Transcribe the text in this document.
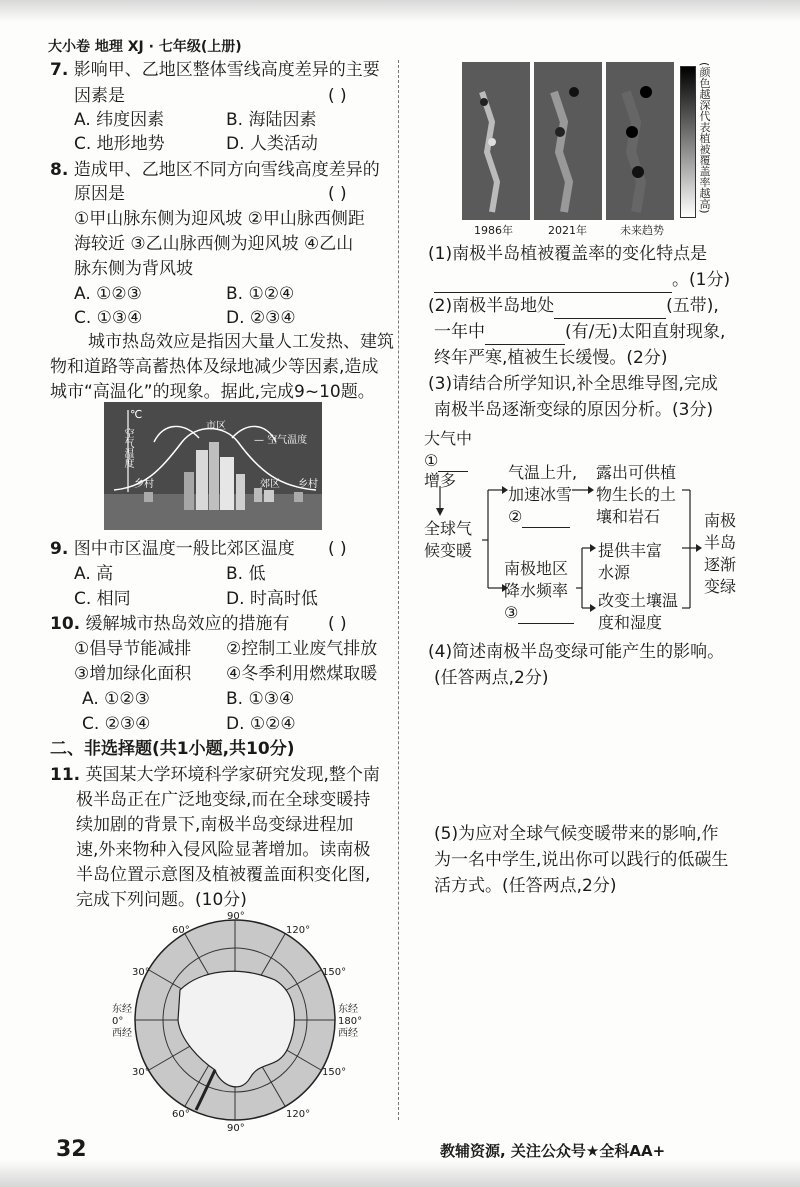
大小卷 地理 XJ · 七年级(上册)
7. 影响甲、乙地区整体雪线高度差异的主要
因素是	( )
A. 纬度因素	B. 海陆因素
C. 地形地势	D. 人类活动
8. 造成甲、乙地区不同方向雪线高度差异的
原因是	( )
①甲山脉东侧为迎风坡 ②甲山脉西侧距
海较近 ③乙山脉西侧为迎风坡 ④乙山
脉东侧为背风坡
A. ①②③	B. ①②④
C. ①③④	D. ②③④
城市热岛效应是指因大量人工发热、建筑
物和道路等高蓄热体及绿地减少等因素,造成
城市“高温化”的现象。据此,完成9~10题。
℃
空气温度
市区
— 空气温度
乡村	郊区 乡村
9. 图中市区温度一般比郊区温度 ( )
A. 高	B. 低
C. 相同	D. 时高时低
10. 缓解城市热岛效应的措施有 ( )
①倡导节能减排 ②控制工业废气排放
③增加绿化面积 ④冬季利用燃煤取暖
A. ①②③	B. ①③④
C. ②③④	D. ①②④
二、非选择题(共1小题,共10分)
11. 英国某大学环境科学家研究发现,整个南
极半岛正在广泛地变绿,而在全球变暖持
续加剧的背景下,南极半岛变绿进程加
速,外来物种入侵风险显著增加。读南极
半岛位置示意图及植被覆盖面积变化图,
完成下列问题。(10分)
90°
60°	120°
30°	150°
东经
0°
西经
东经
180°
西经
30°	150°
60°	120°
90°
(颜色越深代表植被覆盖率越高)
1986年	2021年	未来趋势
(1)南极半岛植被覆盖率的变化特点是
。(1分)
(2)南极半岛地处	(五带),
一年中	(有/无)太阳直射现象,
终年严寒,植被生长缓慢。(2分)
(3)请结合所学知识,补全思维导图,完成
南极半岛逐渐变绿的原因分析。(3分)
大气中
①
增多
全球气
候变暖
气温上升,
加速冰雪
②
露出可供植
物生长的土
壤和岩石
南极地区
降水频率
③
提供丰富
水源
改变土壤温
度和湿度
南极
半岛
逐渐
变绿
(4)简述南极半岛变绿可能产生的影响。
(任答两点,2分)
(5)为应对全球气候变暖带来的影响,作
为一名中学生,说出你可以践行的低碳生
活方式。(任答两点,2分)
32	教辅资源, 关注公众号★全科AA+
